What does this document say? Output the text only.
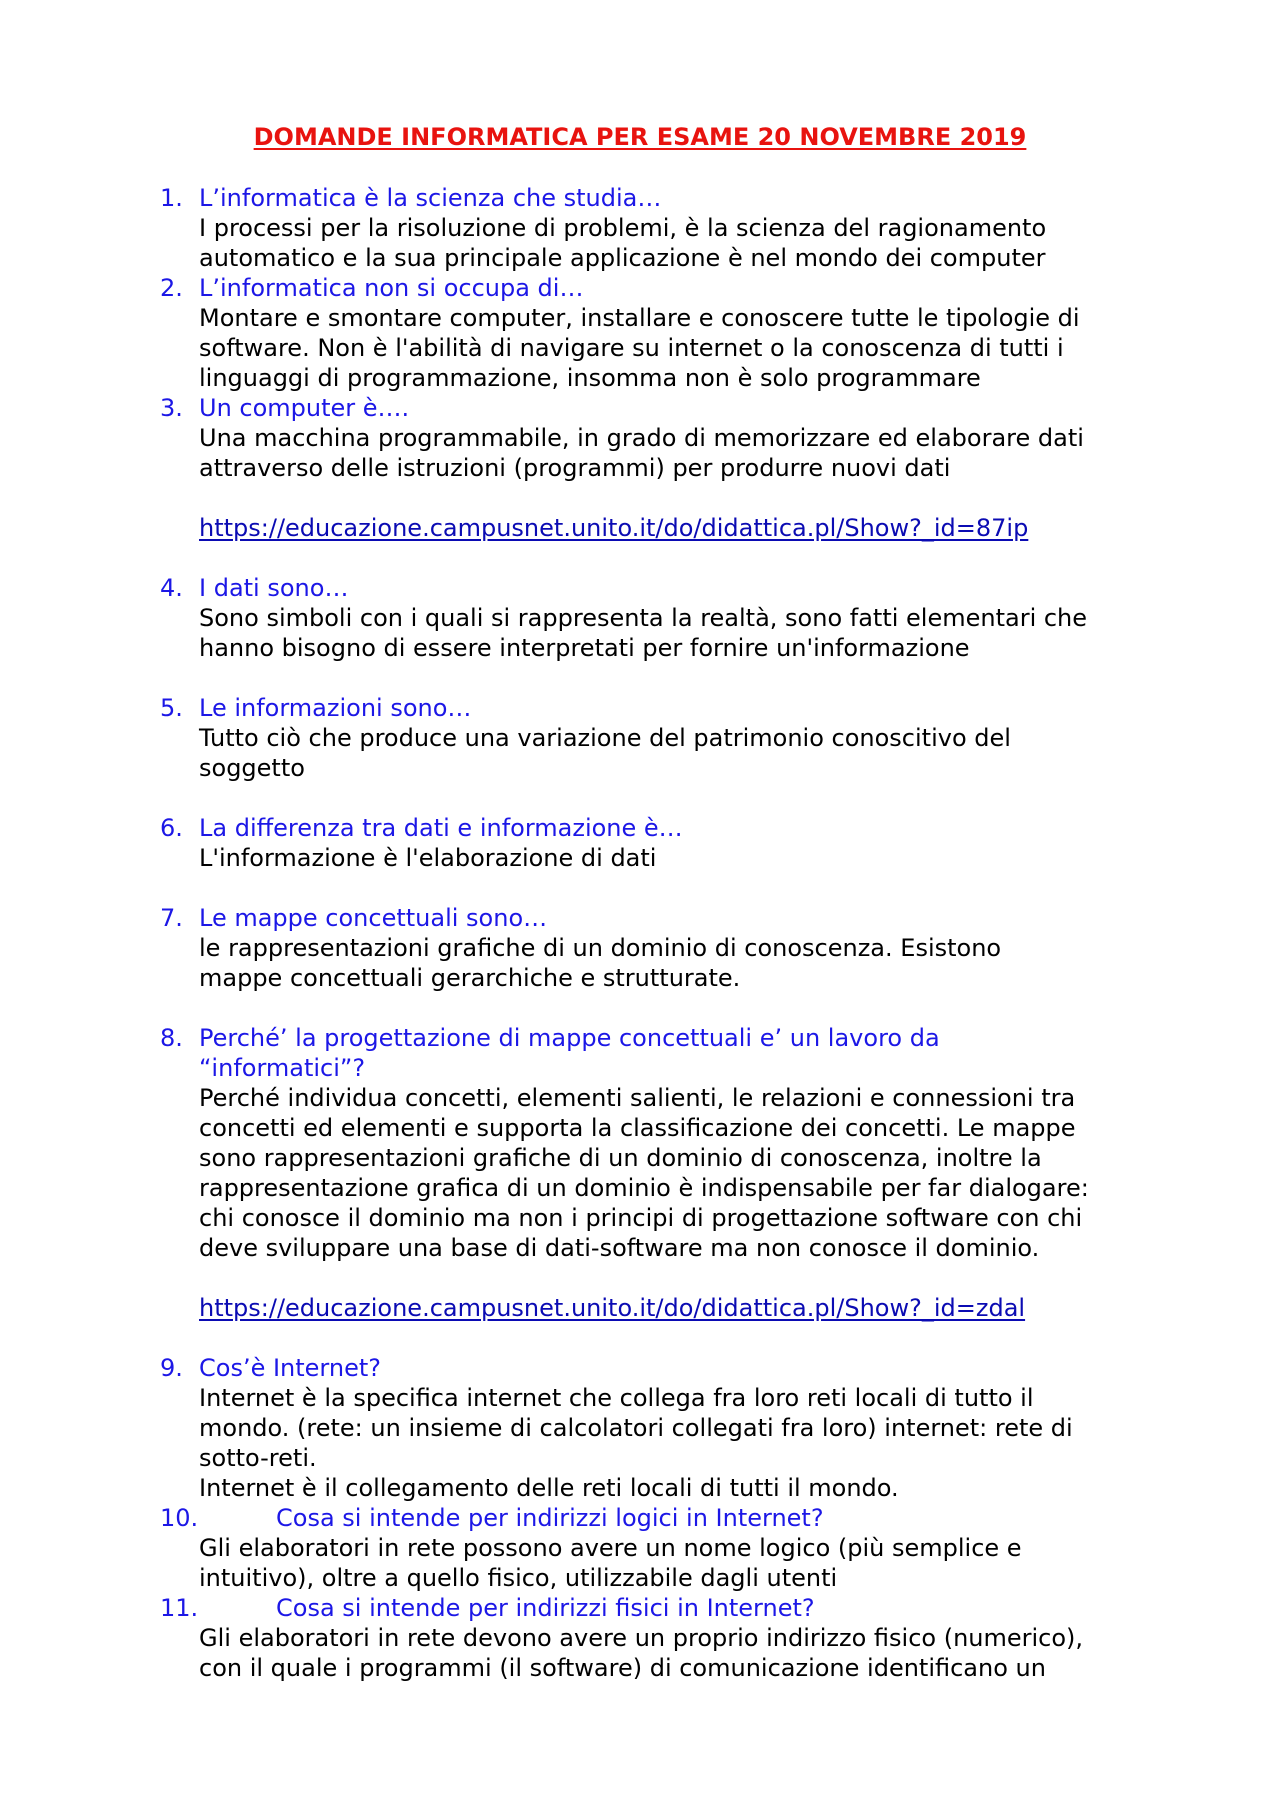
DOMANDE INFORMATICA PER ESAME 20 NOVEMBRE 2019
1. L’informatica è la scienza che studia…
I processi per la risoluzione di problemi, è la scienza del ragionamento
automatico e la sua principale applicazione è nel mondo dei computer
2. L’informatica non si occupa di…
Montare e smontare computer, installare e conoscere tutte le tipologie di
software. Non è l'abilità di navigare su internet o la conoscenza di tutti i
linguaggi di programmazione, insomma non è solo programmare
3. Un computer è….
Una macchina programmabile, in grado di memorizzare ed elaborare dati
attraverso delle istruzioni (programmi) per produrre nuovi dati
https://educazione.campusnet.unito.it/do/didattica.pl/Show?_id=87ip
4. I dati sono…
Sono simboli con i quali si rappresenta la realtà, sono fatti elementari che
hanno bisogno di essere interpretati per fornire un'informazione
5. Le informazioni sono…
Tutto ciò che produce una variazione del patrimonio conoscitivo del
soggetto
6. La differenza tra dati e informazione è…
L'informazione è l'elaborazione di dati
7. Le mappe concettuali sono…
le rappresentazioni grafiche di un dominio di conoscenza. Esistono
mappe concettuali gerarchiche e strutturate.
8. Perché’ la progettazione di mappe concettuali e’ un lavoro da
“informatici”?
Perché individua concetti, elementi salienti, le relazioni e connessioni tra
concetti ed elementi e supporta la classificazione dei concetti. Le mappe
sono rappresentazioni grafiche di un dominio di conoscenza, inoltre la
rappresentazione grafica di un dominio è indispensabile per far dialogare:
chi conosce il dominio ma non i principi di progettazione software con chi
deve sviluppare una base di dati-software ma non conosce il dominio.
https://educazione.campusnet.unito.it/do/didattica.pl/Show?_id=zdal
9. Cos’è Internet?
Internet è la specifica internet che collega fra loro reti locali di tutto il
mondo. (rete: un insieme di calcolatori collegati fra loro) internet: rete di
sotto-reti.
Internet è il collegamento delle reti locali di tutti il mondo.
10.	Cosa si intende per indirizzi logici in Internet?
Gli elaboratori in rete possono avere un nome logico (più semplice e
intuitivo), oltre a quello fisico, utilizzabile dagli utenti
11.	Cosa si intende per indirizzi fisici in Internet?
Gli elaboratori in rete devono avere un proprio indirizzo fisico (numerico),
con il quale i programmi (il software) di comunicazione identificano un
